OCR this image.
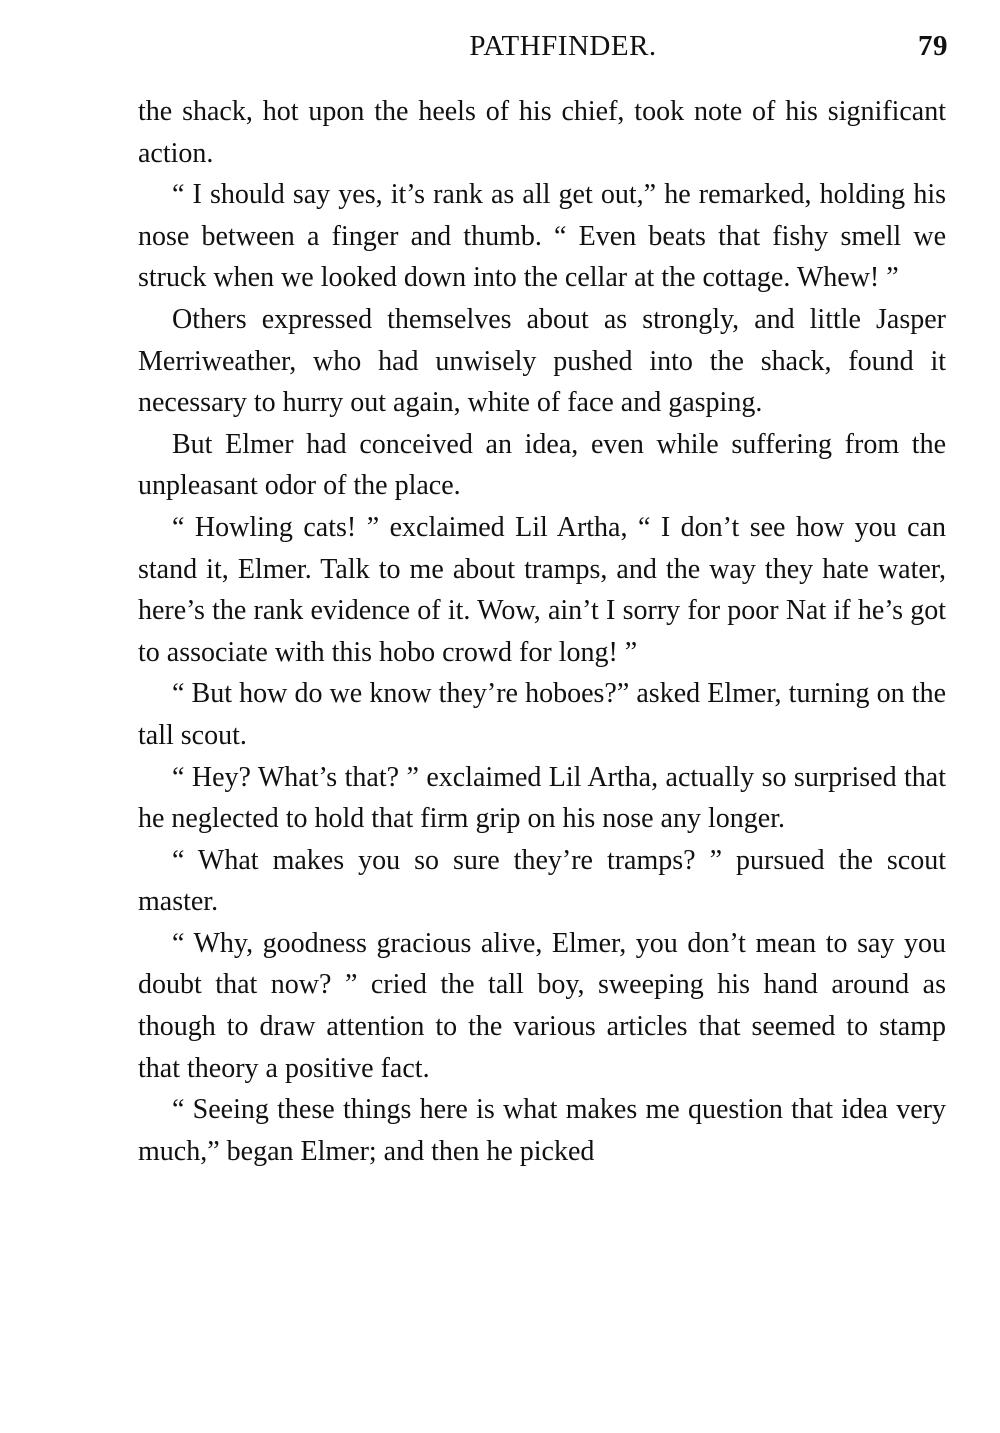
PATHFINDER.	79

the shack, hot upon the heels of his chief, took note of his significant action.

“ I should say yes, it’s rank as all get out,” he remarked, holding his nose between a finger and thumb. “ Even beats that fishy smell we struck when we looked down into the cellar at the cottage. Whew! ”

Others expressed themselves about as strongly, and little Jasper Merriweather, who had unwisely pushed into the shack, found it necessary to hurry out again, white of face and gasping.

But Elmer had conceived an idea, even while suffering from the unpleasant odor of the place.

“ Howling cats! ” exclaimed Lil Artha, “ I don’t see how you can stand it, Elmer. Talk to me about tramps, and the way they hate water, here’s the rank evidence of it. Wow, ain’t I sorry for poor Nat if he’s got to associate with this hobo crowd for long! ”

“ But how do we know they’re hoboes?” asked Elmer, turning on the tall scout.

“ Hey? What’s that? ” exclaimed Lil Artha, actually so surprised that he neglected to hold that firm grip on his nose any longer.

“ What makes you so sure they’re tramps? ” pursued the scout master.

“ Why, goodness gracious alive, Elmer, you don’t mean to say you doubt that now? ” cried the tall boy, sweeping his hand around as though to draw attention to the various articles that seemed to stamp that theory a positive fact.

“ Seeing these things here is what makes me question that idea very much,” began Elmer; and then he picked
